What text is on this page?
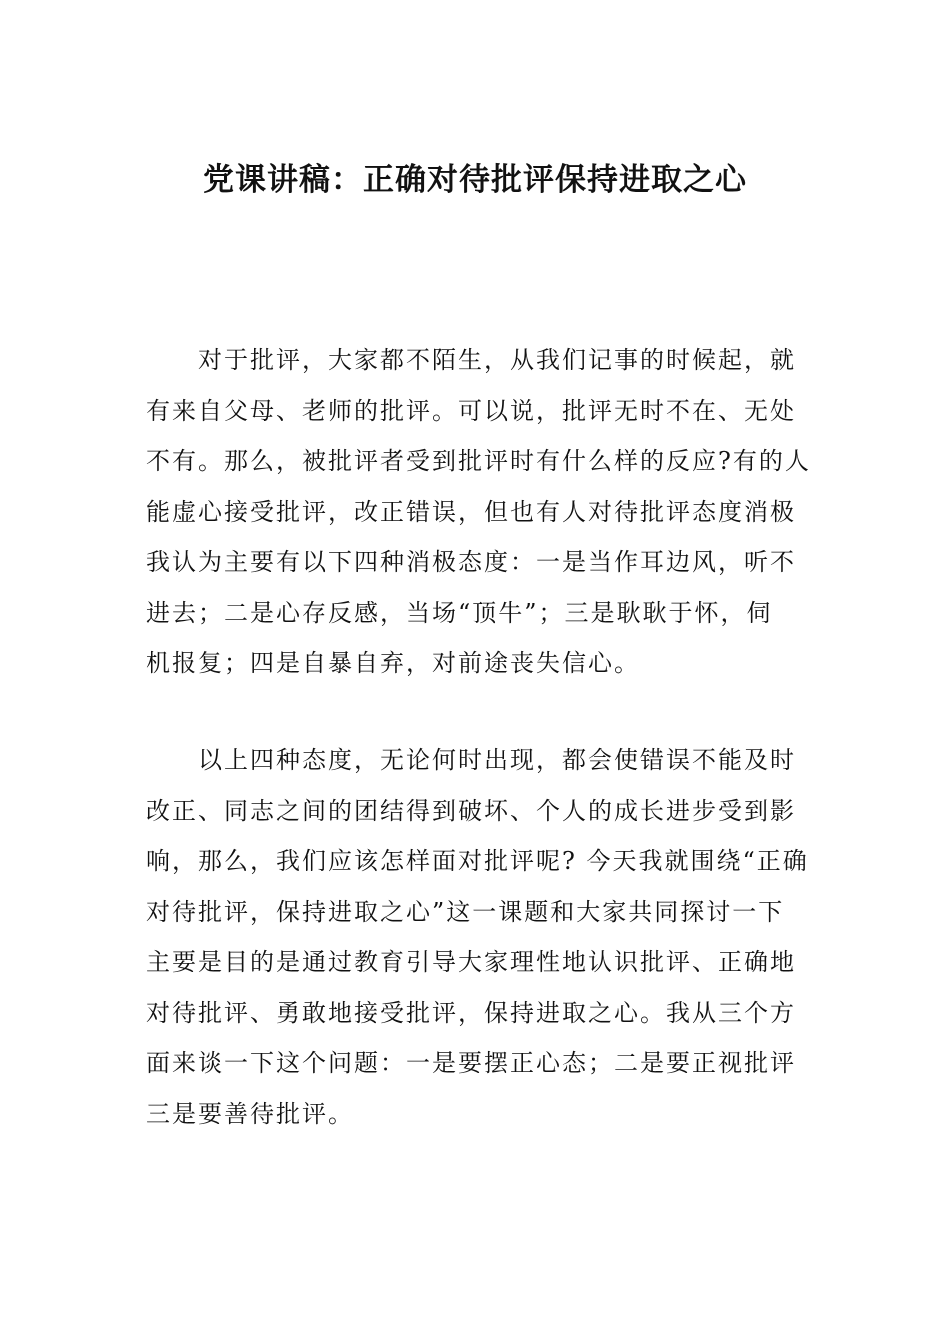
党课讲稿：正确对待批评保持进取之心
对于批评，大家都不陌生，从我们记事的时候起，就
有来自父母、老师的批评。可以说，批评无时不在、无处
不有。那么，被批评者受到批评时有什么样的反应?有的人
能虚心接受批评，改正错误，但也有人对待批评态度消极
我认为主要有以下四种消极态度：一是当作耳边风，听不
进去；二是心存反感，当场“顶牛”；三是耿耿于怀，伺
机报复；四是自暴自弃，对前途丧失信心。
以上四种态度，无论何时出现，都会使错误不能及时
改正、同志之间的团结得到破坏、个人的成长进步受到影
响，那么，我们应该怎样面对批评呢? 今天我就围绕“正确
对待批评，保持进取之心”这一课题和大家共同探讨一下
主要是目的是通过教育引导大家理性地认识批评、正确地
对待批评、勇敢地接受批评，保持进取之心。我从三个方
面来谈一下这个问题：一是要摆正心态；二是要正视批评
三是要善待批评。
